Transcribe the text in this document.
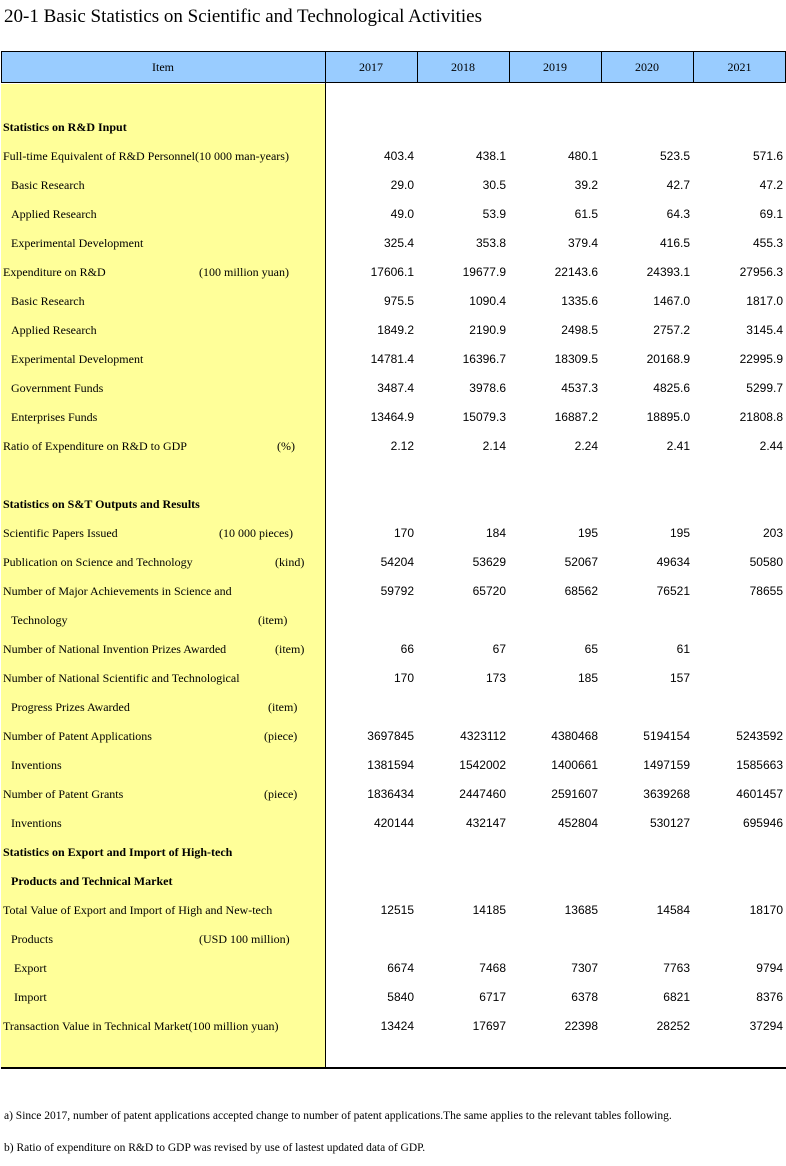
20-1 Basic Statistics on Scientific and Technological Activities
Item	2017	2018	2019	2020	2021
Statistics on R&D Input
Full-time Equivalent of R&D Personnel(10 000 man-years)	403.4	438.1	480.1	523.5	571.6
Basic Research	29.0	30.5	39.2	42.7	47.2
Applied Research	49.0	53.9	61.5	64.3	69.1
Experimental Development	325.4	353.8	379.4	416.5	455.3
Expenditure on R&D	(100 million yuan)	17606.1	19677.9	22143.6	24393.1	27956.3
Basic Research	975.5	1090.4	1335.6	1467.0	1817.0
Applied Research	1849.2	2190.9	2498.5	2757.2	3145.4
Experimental Development	14781.4	16396.7	18309.5	20168.9	22995.9
Government Funds	3487.4	3978.6	4537.3	4825.6	5299.7
Enterprises Funds	13464.9	15079.3	16887.2	18895.0	21808.8
Ratio of Expenditure on R&D to GDP	(%)	2.12	2.14	2.24	2.41	2.44
Statistics on S&T Outputs and Results
Scientific Papers Issued	(10 000 pieces)	170	184	195	195	203
Publication on Science and Technology	(kind)	54204	53629	52067	49634	50580
Number of Major Achievements in Science and	59792	65720	68562	76521	78655
Technology	(item)
Number of National Invention Prizes Awarded	(item)	66	67	65	61
Number of National Scientific and Technological	170	173	185	157
Progress Prizes Awarded	(item)
Number of Patent Applications	(piece)	3697845	4323112	4380468	5194154	5243592
Inventions	1381594	1542002	1400661	1497159	1585663
Number of Patent Grants	(piece)	1836434	2447460	2591607	3639268	4601457
Inventions	420144	432147	452804	530127	695946
Statistics on Export and Import of High-tech
Products and Technical Market
Total Value of Export and Import of High and New-tech	12515	14185	13685	14584	18170
Products	(USD 100 million)
Export	6674	7468	7307	7763	9794
Import	5840	6717	6378	6821	8376
Transaction Value in Technical Market(100 million yuan)	13424	17697	22398	28252	37294
a) Since 2017, number of patent applications accepted change to number of patent applications.The same applies to the relevant tables following.
b) Ratio of expenditure on R&D to GDP was revised by use of lastest updated data of GDP.
